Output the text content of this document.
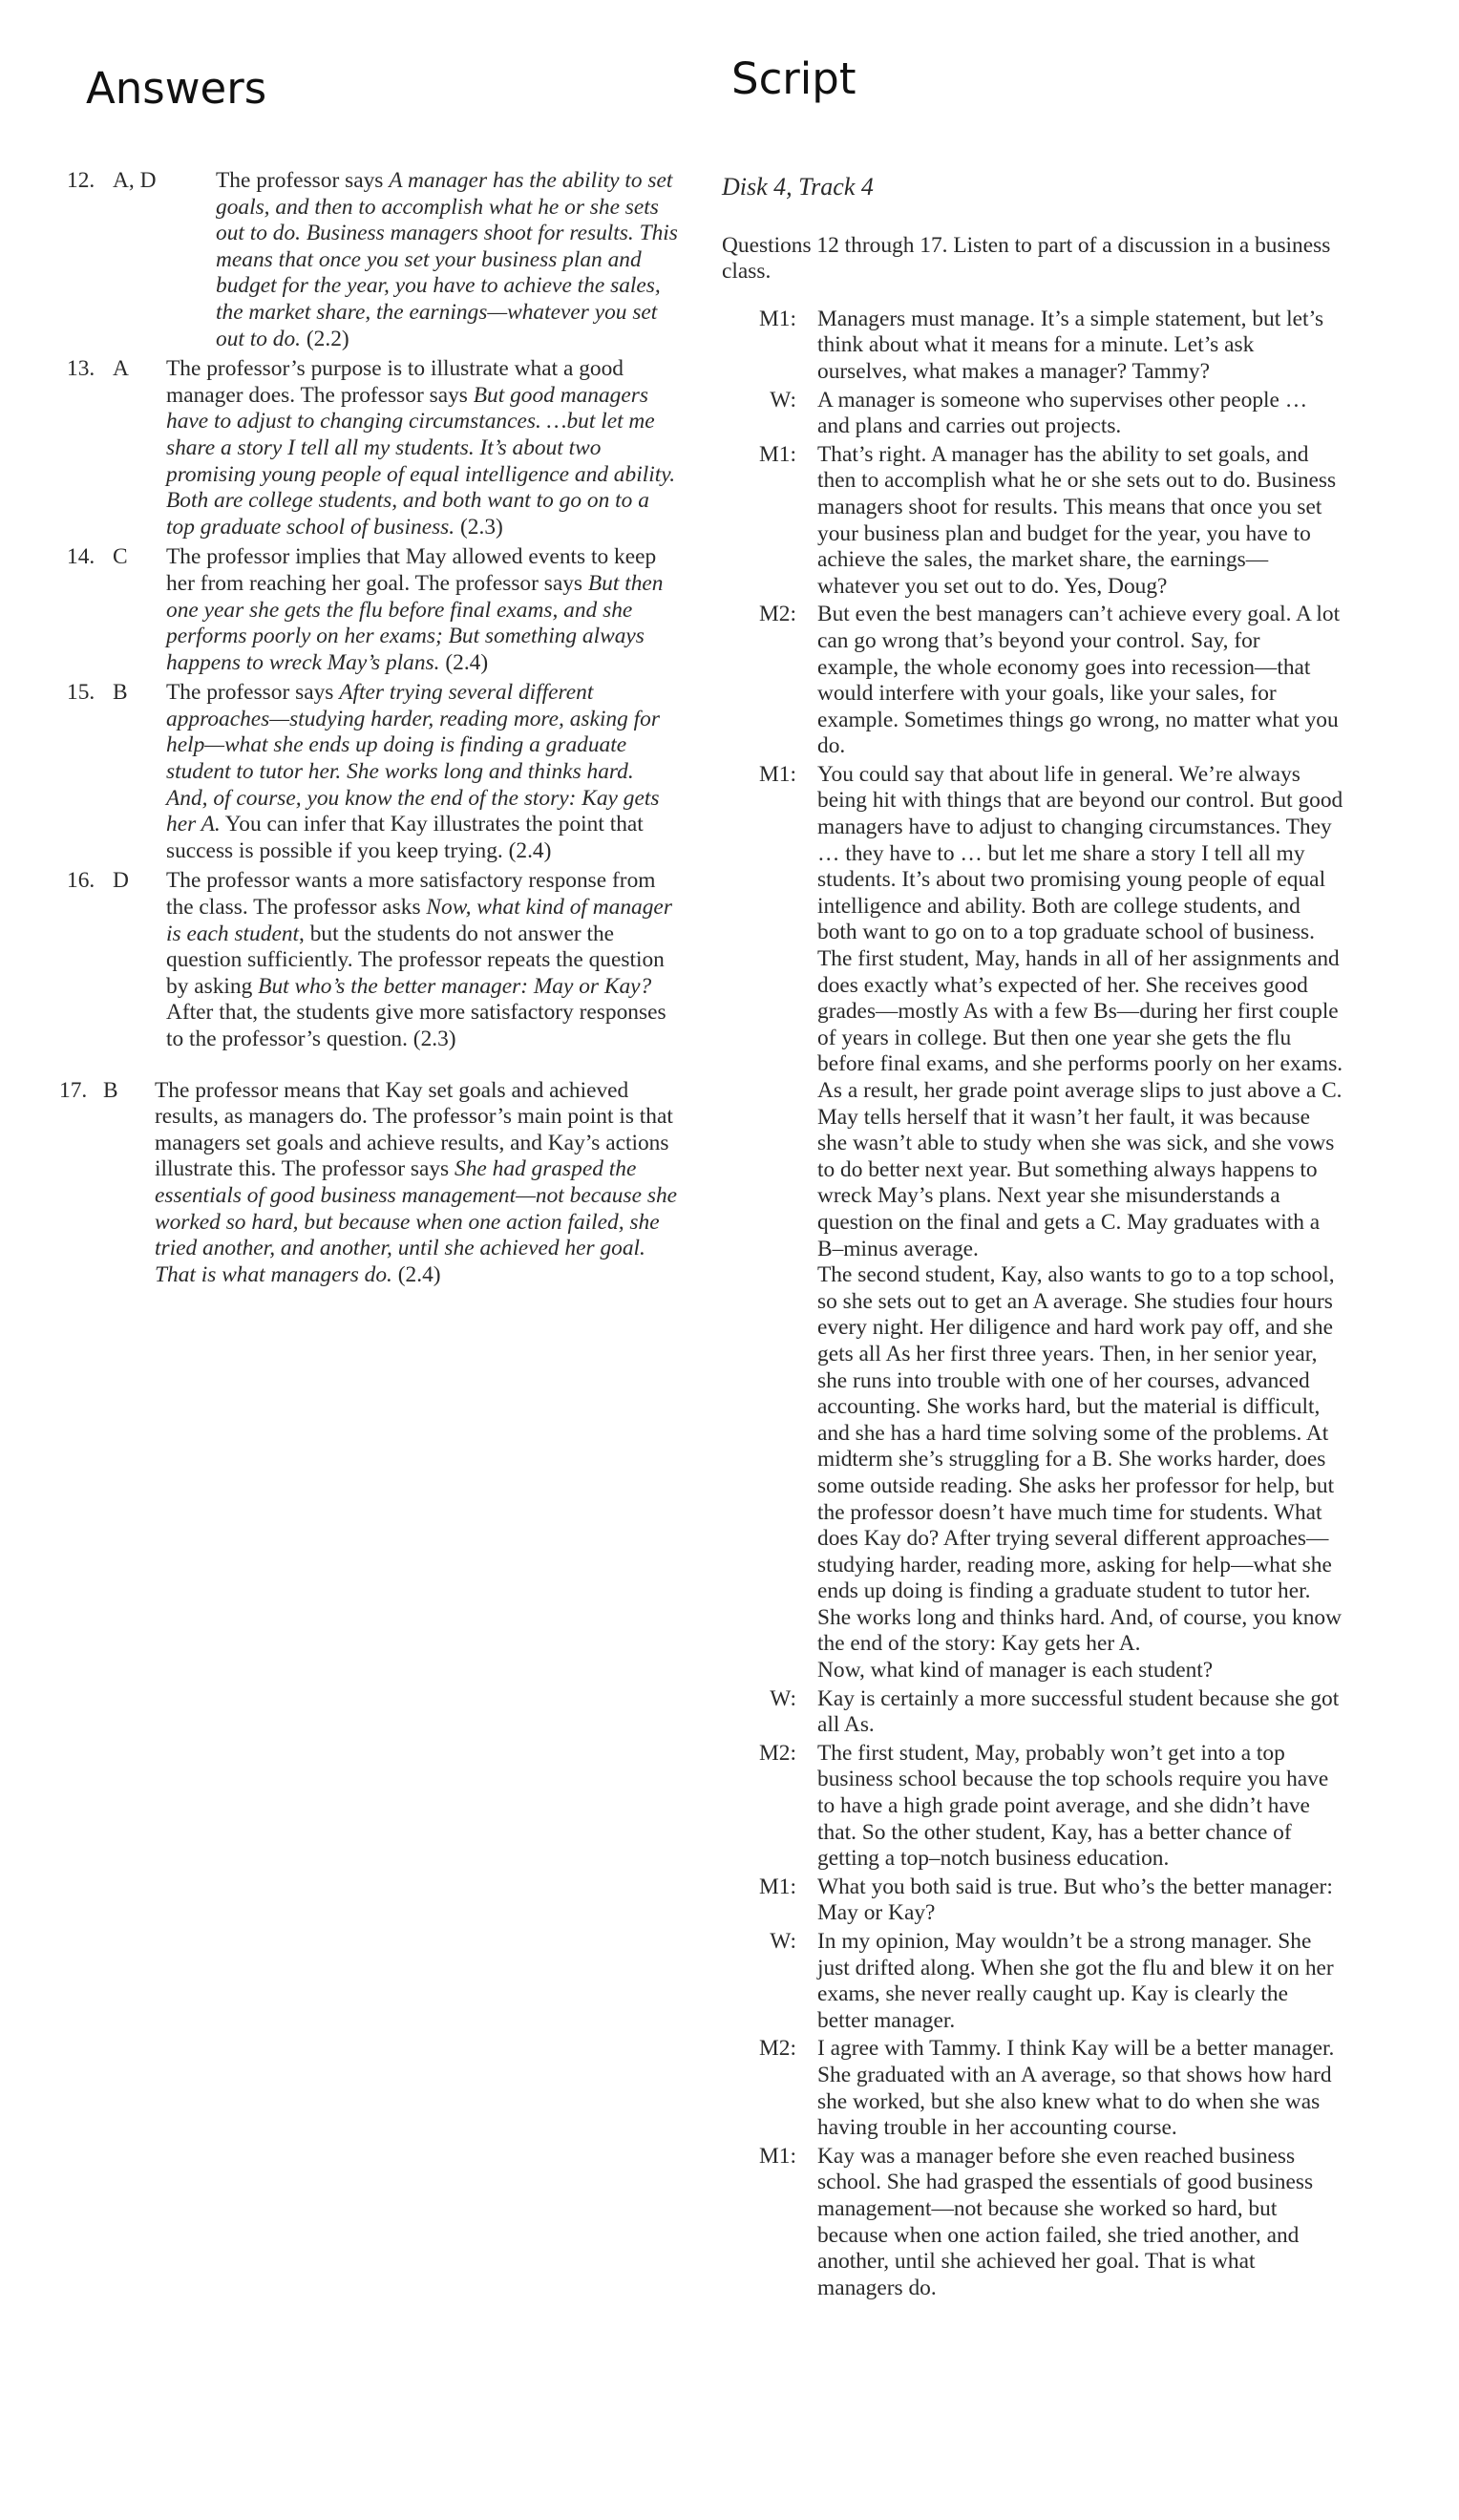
Answers	Script
12. A, D	The professor says A manager has the ability to set goals, and then to accomplish what he or she sets out to do. Business managers shoot for results. This means that once you set your business plan and budget for the year, you have to achieve the sales, the market share, the earnings—whatever you set out to do. (2.2)
13. A The professor’s purpose is to illustrate what a good manager does. The professor says But good managers have to adjust to changing circumstances. …but let me share a story I tell all my students. It’s about two promising young people of equal intelligence and ability. Both are college students, and both want to go on to a top graduate school of business. (2.3)
14. C The professor implies that May allowed events to keep her from reaching her goal. The professor says But then one year she gets the flu before final exams, and she performs poorly on her exams; But something always happens to wreck May’s plans. (2.4)
15. B The professor says After trying several different approaches—studying harder, reading more, asking for help—what she ends up doing is finding a graduate student to tutor her. She works long and thinks hard. And, of course, you know the end of the story: Kay gets her A. You can infer that Kay illustrates the point that success is possible if you keep trying. (2.4)
16. D The professor wants a more satisfactory response from the class. The professor asks Now, what kind of manager is each student, but the students do not answer the question sufficiently. The professor repeats the question by asking But who’s the better manager: May or Kay? After that, the students give more satisfactory responses to the professor’s question. (2.3)
17. B The professor means that Kay set goals and achieved results, as managers do. The professor’s main point is that managers set goals and achieve results, and Kay’s actions illustrate this. The professor says She had grasped the essentials of good business management—not because she worked so hard, but because when one action failed, she tried another, and another, until she achieved her goal. That is what managers do. (2.4)
Disk 4, Track 4
Questions 12 through 17. Listen to part of a discussion in a business class.
M1: Managers must manage. It’s a simple statement, but let’s think about what it means for a minute. Let’s ask ourselves, what makes a manager? Tammy?

W: A manager is someone who supervises other people … and plans and carries out projects.

M1: That’s right. A manager has the ability to set goals, and then to accomplish what he or she sets out to do. Business managers shoot for results. This means that once you set your business plan and budget for the year, you have to achieve the sales, the market share, the earnings—whatever you set out to do. Yes, Doug?

M2: But even the best managers can’t achieve every goal. A lot can go wrong that’s beyond your control. Say, for example, the whole economy goes into recession—that would interfere with your goals, like your sales, for example. Sometimes things go wrong, no matter what you do.

M1: You could say that about life in general. We’re always being hit with things that are beyond our control. But good managers have to adjust to changing circumstances. They … they have to … but let me share a story I tell all my students. It’s about two promising young people of equal intelligence and ability. Both are college students, and both want to go on to a top graduate school of business.

The first student, May, hands in all of her assignments and does exactly what’s expected of her. She receives good grades—mostly As with a few Bs—during her first couple of years in college. But then one year she gets the flu before final exams, and she performs poorly on her exams. As a result, her grade point average slips to just above a C. May tells herself that it wasn’t her fault, it was because she wasn’t able to study when she was sick, and she vows to do better next year. But something always happens to wreck May’s plans. Next year she misunderstands a question on the final and gets a C. May graduates with a B–minus average.

The second student, Kay, also wants to go to a top school, so she sets out to get an A average. She studies four hours every night. Her diligence and hard work pay off, and she gets all As her first three years. Then, in her senior year, she runs into trouble with one of her courses, advanced accounting. She works hard, but the material is difficult, and she has a hard time solving some of the problems. At midterm she’s struggling for a B. She works harder, does some outside reading. She asks her professor for help, but the professor doesn’t have much time for students. What does Kay do? After trying several different approaches—studying harder, reading more, asking for help—what she ends up doing is finding a graduate student to tutor her. She works long and thinks hard. And, of course, you know the end of the story: Kay gets her A.

Now, what kind of manager is each student?

W: Kay is certainly a more successful student because she got all As.

M2: The first student, May, probably won’t get into a top business school because the top schools require you have to have a high grade point average, and she didn’t have that. So the other student, Kay, has a better chance of getting a top–notch business education.

M1: What you both said is true. But who’s the better manager: May or Kay?

W: In my opinion, May wouldn’t be a strong manager. She just drifted along. When she got the flu and blew it on her exams, she never really caught up. Kay is clearly the better manager.

M2: I agree with Tammy. I think Kay will be a better manager. She graduated with an A average, so that shows how hard she worked, but she also knew what to do when she was having trouble in her accounting course.

M1: Kay was a manager before she even reached business school. She had grasped the essentials of good business management—not because she worked so hard, but because when one action failed, she tried another, and another, until she achieved her goal. That is what managers do.
